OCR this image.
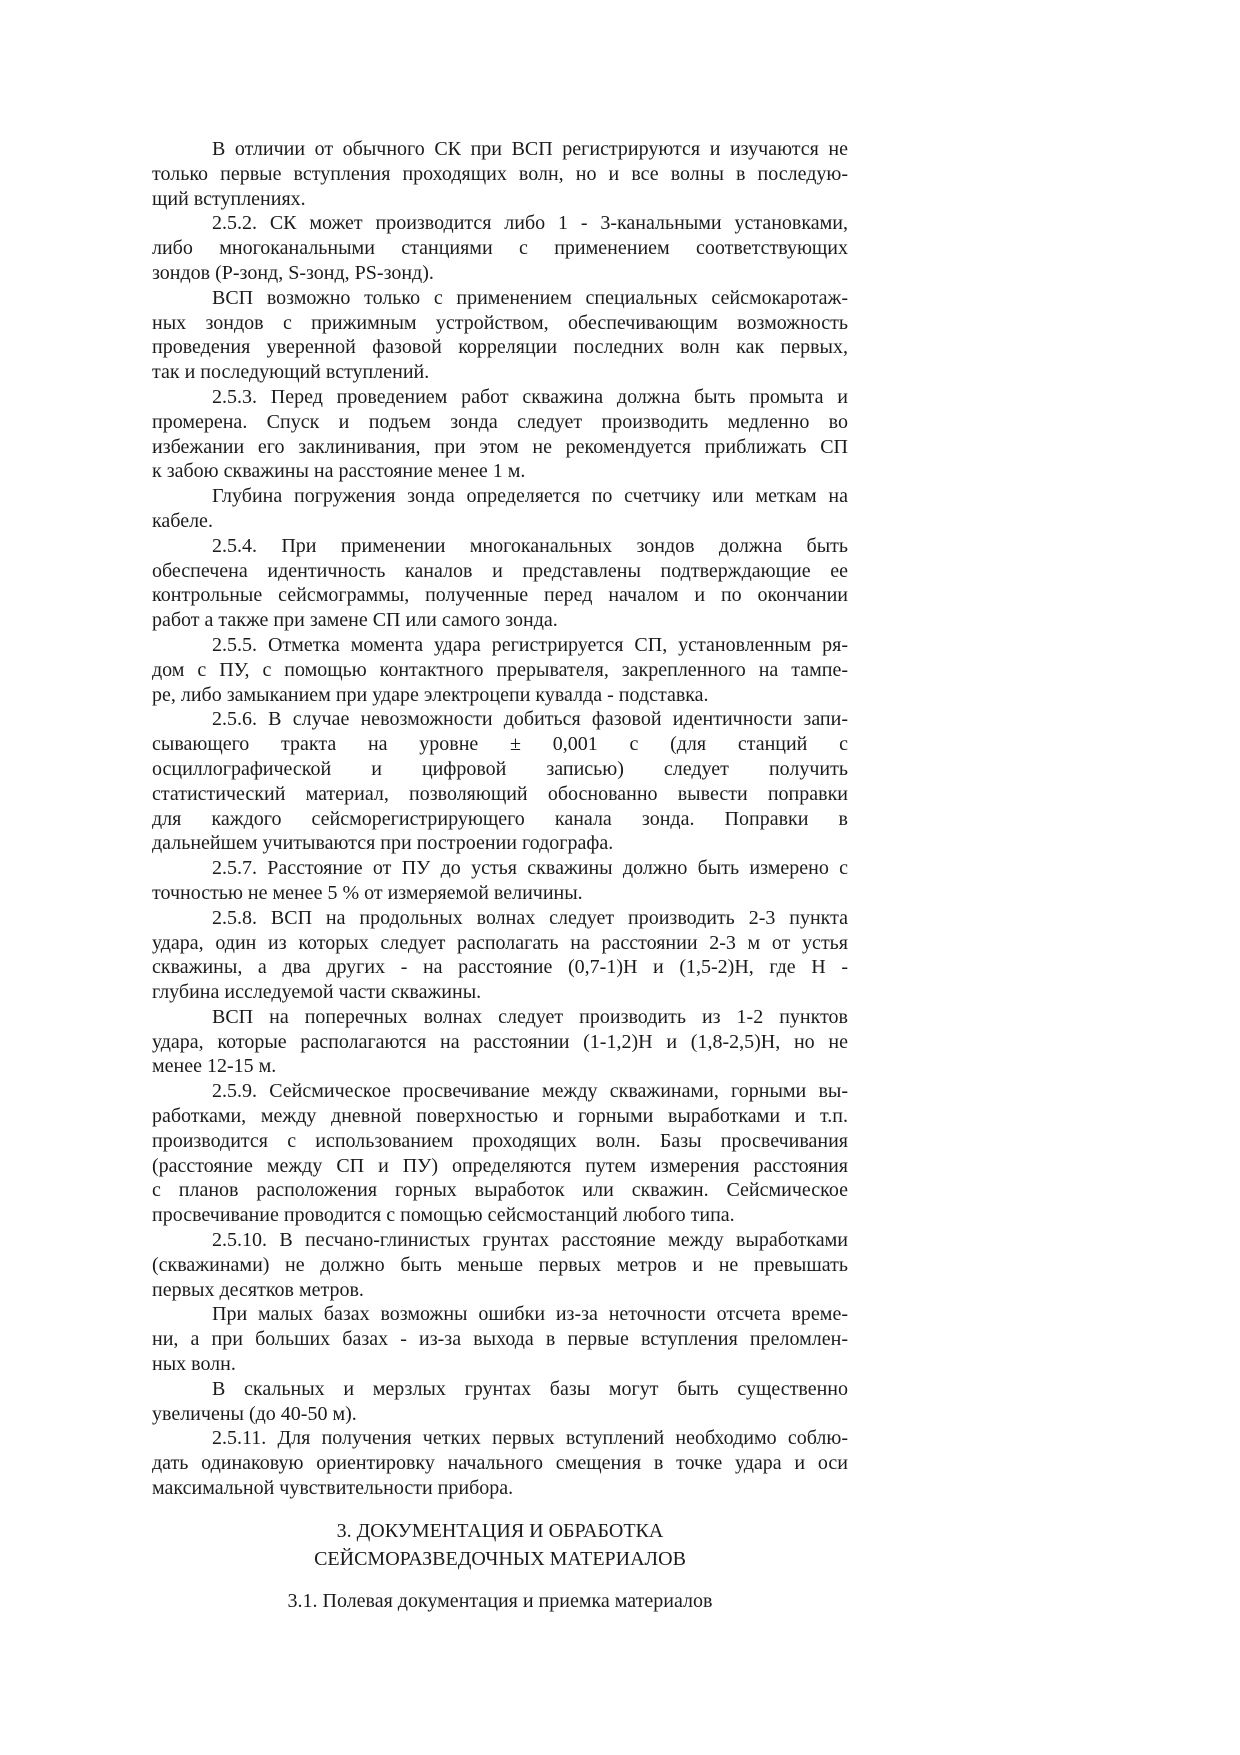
В отличии от обычного СК при ВСП регистрируются и изучаются не
только первые вступления проходящих волн, но и все волны в последую-
щий вступлениях.

2.5.2. СК может производится либо 1 - 3-канальными установками,
либо многоканальными станциями с применением соответствующих
зондов (Р-зонд, S-зонд, PS-зонд).

ВСП возможно только с применением специальных сейсмокаротаж-
ных зондов с прижимным устройством, обеспечивающим возможность
проведения уверенной фазовой корреляции последних волн как первых,
так и последующий вступлений.

2.5.3. Перед проведением работ скважина должна быть промыта и
промерена. Спуск и подъем зонда следует производить медленно во
избежании его заклинивания, при этом не рекомендуется приближать СП
к забою скважины на расстояние менее 1 м.

Глубина погружения зонда определяется по счетчику или меткам на
кабеле.

2.5.4. При применении многоканальных зондов должна быть
обеспечена идентичность каналов и представлены подтверждающие ее
контрольные сейсмограммы, полученные перед началом и по окончании
работ а также при замене СП или самого зонда.

2.5.5. Отметка момента удара регистрируется СП, установленным ря-
дом с ПУ, с помощью контактного прерывателя, закрепленного на тампе-
ре, либо замыканием при ударе электроцепи кувалда - подставка.

2.5.6. В случае невозможности добиться фазовой идентичности запи-
сывающего тракта на уровне ± 0,001 с (для станций с
осциллографической и цифровой записью) следует получить
статистический материал, позволяющий обоснованно вывести поправки
для каждого сейсморегистрирующего канала зонда. Поправки в
дальнейшем учитываются при построении годографа.

2.5.7. Расстояние от ПУ до устья скважины должно быть измерено с
точностью не менее 5 % от измеряемой величины.

2.5.8. ВСП на продольных волнах следует производить 2-3 пункта
удара, один из которых следует располагать на расстоянии 2-3 м от устья
скважины, а два других - на расстояние (0,7-1)Н и (1,5-2)Н, где Н -
глубина исследуемой части скважины.

ВСП на поперечных волнах следует производить из 1-2 пунктов
удара, которые располагаются на расстоянии (1-1,2)Н и (1,8-2,5)Н, но не
менее 12-15 м.

2.5.9. Сейсмическое просвечивание между скважинами, горными вы-
работками, между дневной поверхностью и горными выработками и т.п.
производится с использованием проходящих волн. Базы просвечивания
(расстояние между СП и ПУ) определяются путем измерения расстояния
с планов расположения горных выработок или скважин. Сейсмическое
просвечивание проводится с помощью сейсмостанций любого типа.

2.5.10. В песчано-глинистых грунтах расстояние между выработками
(скважинами) не должно быть меньше первых метров и не превышать
первых десятков метров.

При малых базах возможны ошибки из-за неточности отсчета време-
ни, а при больших базах - из-за выхода в первые вступления преломлен-
ных волн.

В скальных и мерзлых грунтах базы могут быть существенно
увеличены (до 40-50 м).

2.5.11. Для получения четких первых вступлений необходимо соблю-
дать одинаковую ориентировку начального смещения в точке удара и оси
максимальной чувствительности прибора.

3. ДОКУМЕНТАЦИЯ И ОБРАБОТКА
СЕЙСМОРАЗВЕДОЧНЫХ МАТЕРИАЛОВ
3.1. Полевая документация и приемка материалов
